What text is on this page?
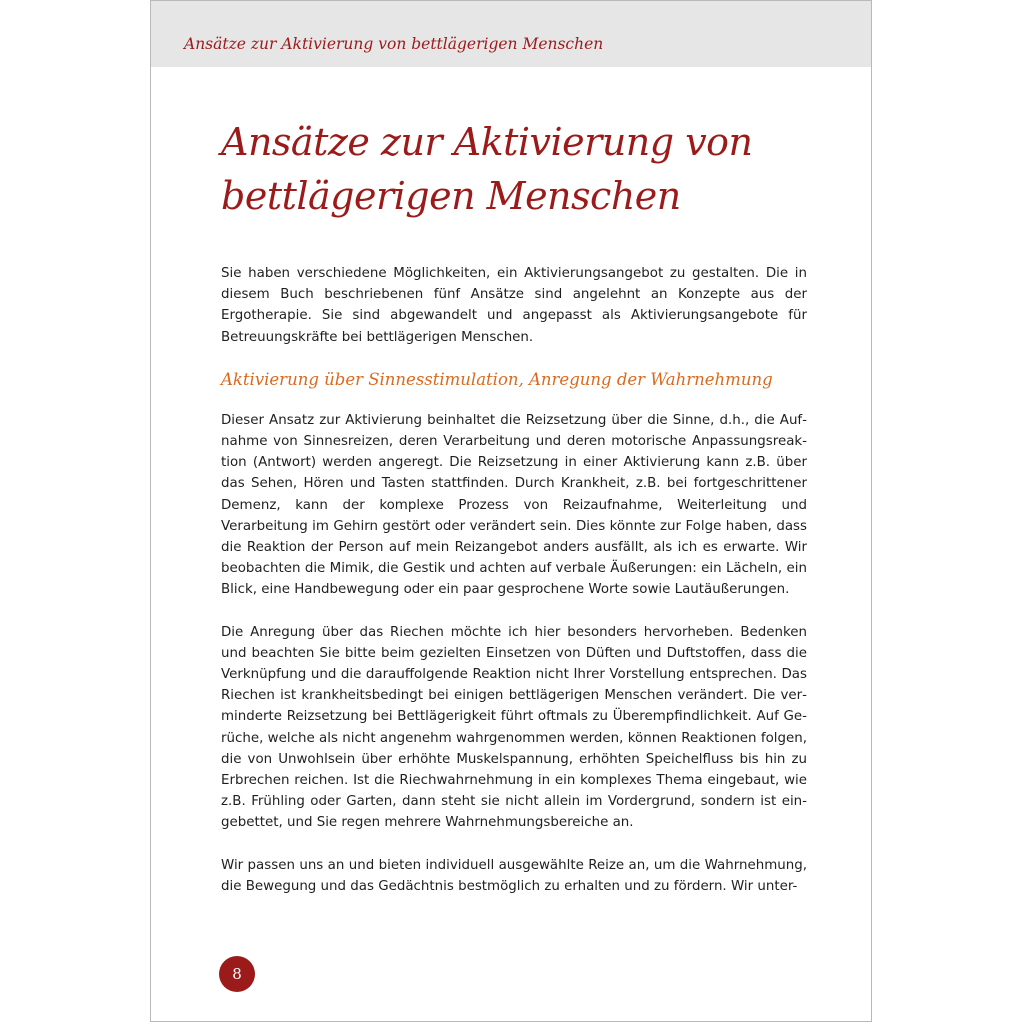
Ansätze zur Aktivierung von bettlägerigen Menschen
Ansätze zur Aktivierung von
bettlägerigen Menschen

Sie haben verschiedene Möglichkeiten, ein Aktivierungsangebot zu gestalten. Die in diesem Buch beschriebenen fünf Ansätze sind angelehnt an Konzepte aus der Ergotherapie. Sie sind abgewandelt und angepasst als Aktivierungsangebote für Betreuungskräfte bei bettlägerigen Menschen.

Aktivierung über Sinnesstimulation, Anregung der Wahrnehmung

Dieser Ansatz zur Aktivierung beinhaltet die Reizsetzung über die Sinne, d.h., die Aufnahme von Sinnesreizen, deren Verarbeitung und deren motorische Anpassungsreaktion (Antwort) werden angeregt. Die Reizsetzung in einer Aktivierung kann z.B. über das Sehen, Hören und Tasten stattfinden. Durch Krankheit, z.B. bei fortgeschrittener Demenz, kann der komplexe Prozess von Reizaufnahme, Weiterleitung und Verarbeitung im Gehirn gestört oder verändert sein. Dies könnte zur Folge haben, dass die Reaktion der Person auf mein Reizangebot anders ausfällt, als ich es erwarte. Wir beobachten die Mimik, die Gestik und achten auf verbale Äußerungen: ein Lächeln, ein Blick, eine Handbewegung oder ein paar gesprochene Worte sowie Lautäußerungen.

Die Anregung über das Riechen möchte ich hier besonders hervorheben. Bedenken und beachten Sie bitte beim gezielten Einsetzen von Düften und Duftstoffen, dass die Verknüpfung und die darauffolgende Reaktion nicht Ihrer Vorstellung entsprechen. Das Riechen ist krankheitsbedingt bei einigen bettlägerigen Menschen verändert. Die verminderte Reizsetzung bei Bettlägerigkeit führt oftmals zu Überempfindlichkeit. Auf Gerüche, welche als nicht angenehm wahrgenommen werden, können Reaktionen folgen, die von Unwohlsein über erhöhte Muskelspannung, erhöhten Speichelfluss bis hin zu Erbrechen reichen. Ist die Riechwahrnehmung in ein komplexes Thema eingebaut, wie z.B. Frühling oder Garten, dann steht sie nicht allein im Vordergrund, sondern ist eingebettet, und Sie regen mehrere Wahrnehmungsbereiche an.

Wir passen uns an und bieten individuell ausgewählte Reize an, um die Wahrnehmung, die Bewegung und das Gedächtnis bestmöglich zu erhalten und zu fördern. Wir unter-

8
